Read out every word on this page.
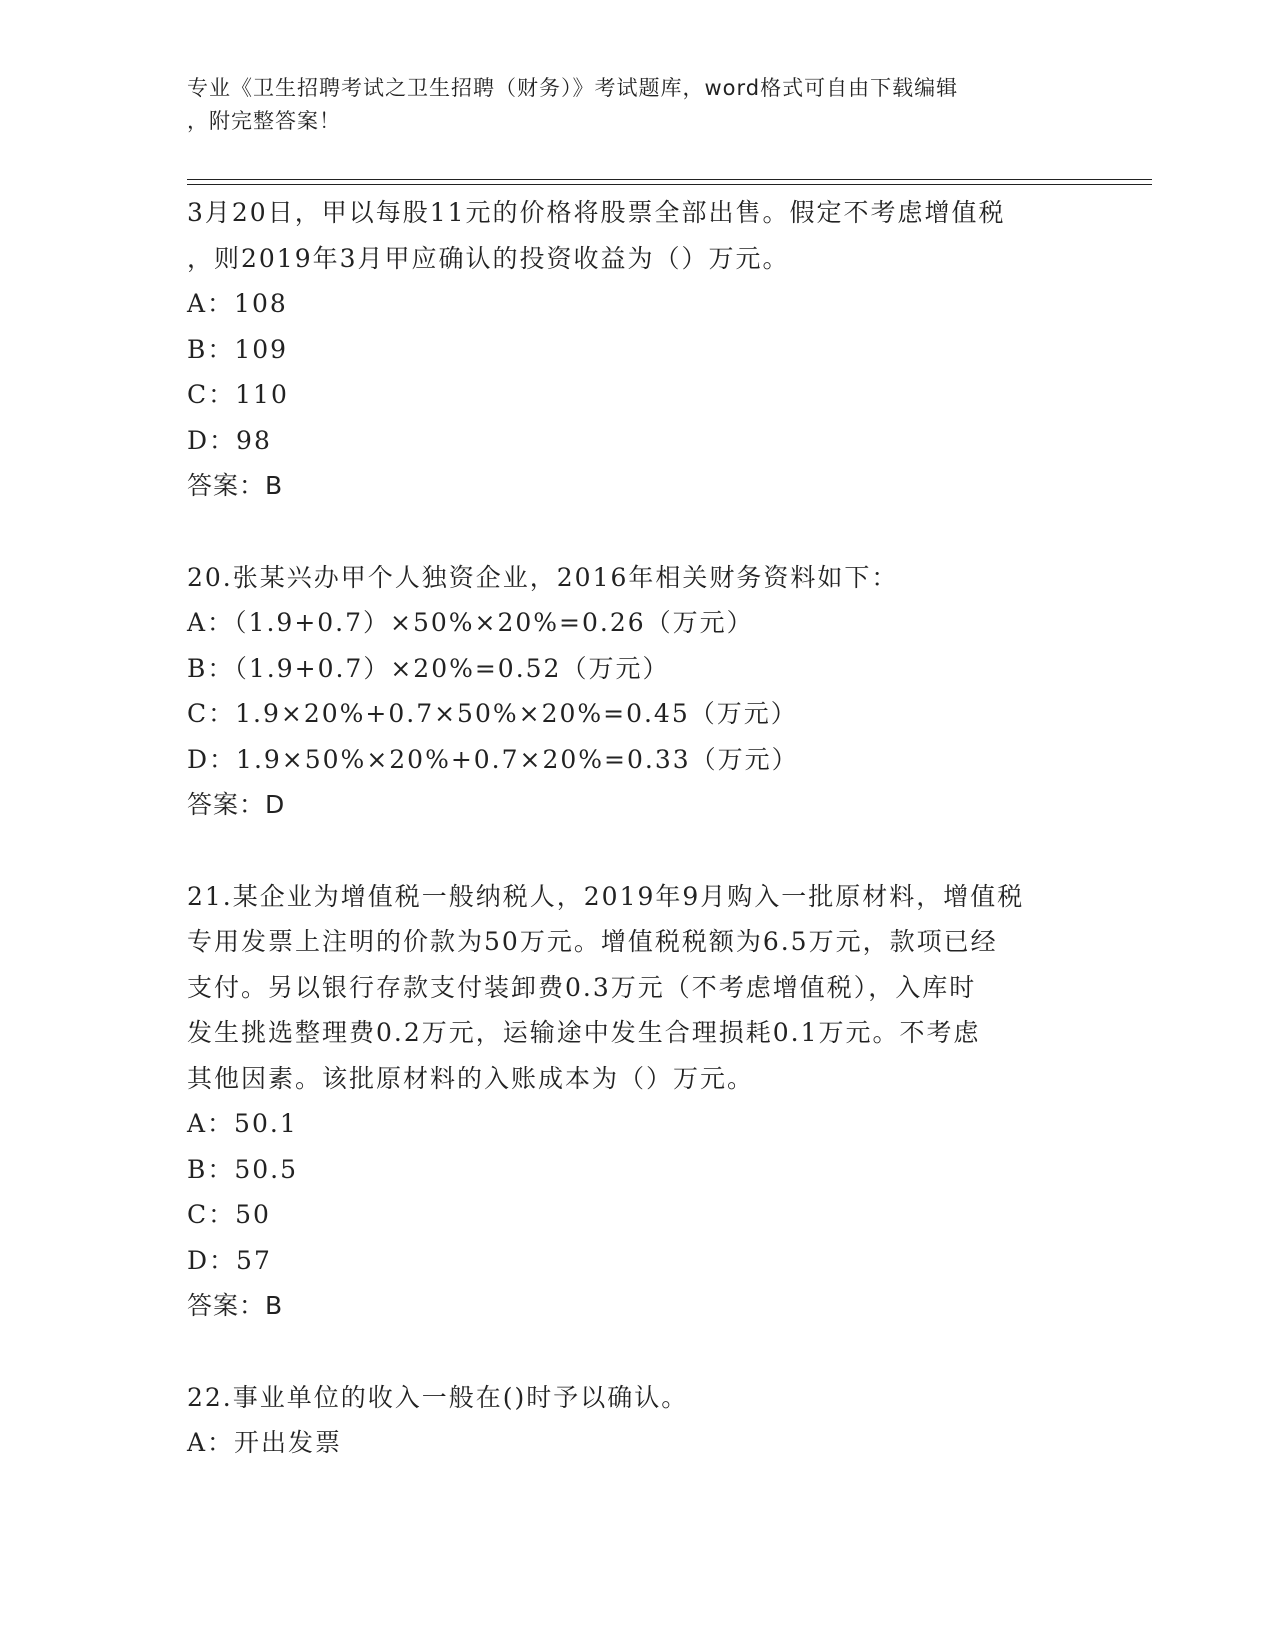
专业《卫生招聘考试之卫生招聘（财务）》考试题库，word格式可自由下载编辑
，附完整答案！
3月20日，甲以每股11元的价格将股票全部出售。假定不考虑增值税
，则2019年3月甲应确认的投资收益为（）万元。
A：108
B：109
C：110
D：98
答案：B
20.张某兴办甲个人独资企业，2016年相关财务资料如下：
A：（1.9+0.7）×50%×20%=0.26（万元）
B：（1.9+0.7）×20%=0.52（万元）
C：1.9×20%+0.7×50%×20%=0.45（万元）
D：1.9×50%×20%+0.7×20%=0.33（万元）
答案：D
21.某企业为增值税一般纳税人，2019年9月购入一批原材料，增值税
专用发票上注明的价款为50万元。增值税税额为6.5万元，款项已经
支付。另以银行存款支付装卸费0.3万元（不考虑增值税），入库时
发生挑选整理费0.2万元，运输途中发生合理损耗0.1万元。不考虑
其他因素。该批原材料的入账成本为（）万元。
A：50.1
B：50.5
C：50
D：57
答案：B
22.事业单位的收入一般在()时予以确认。
A：开出发票
